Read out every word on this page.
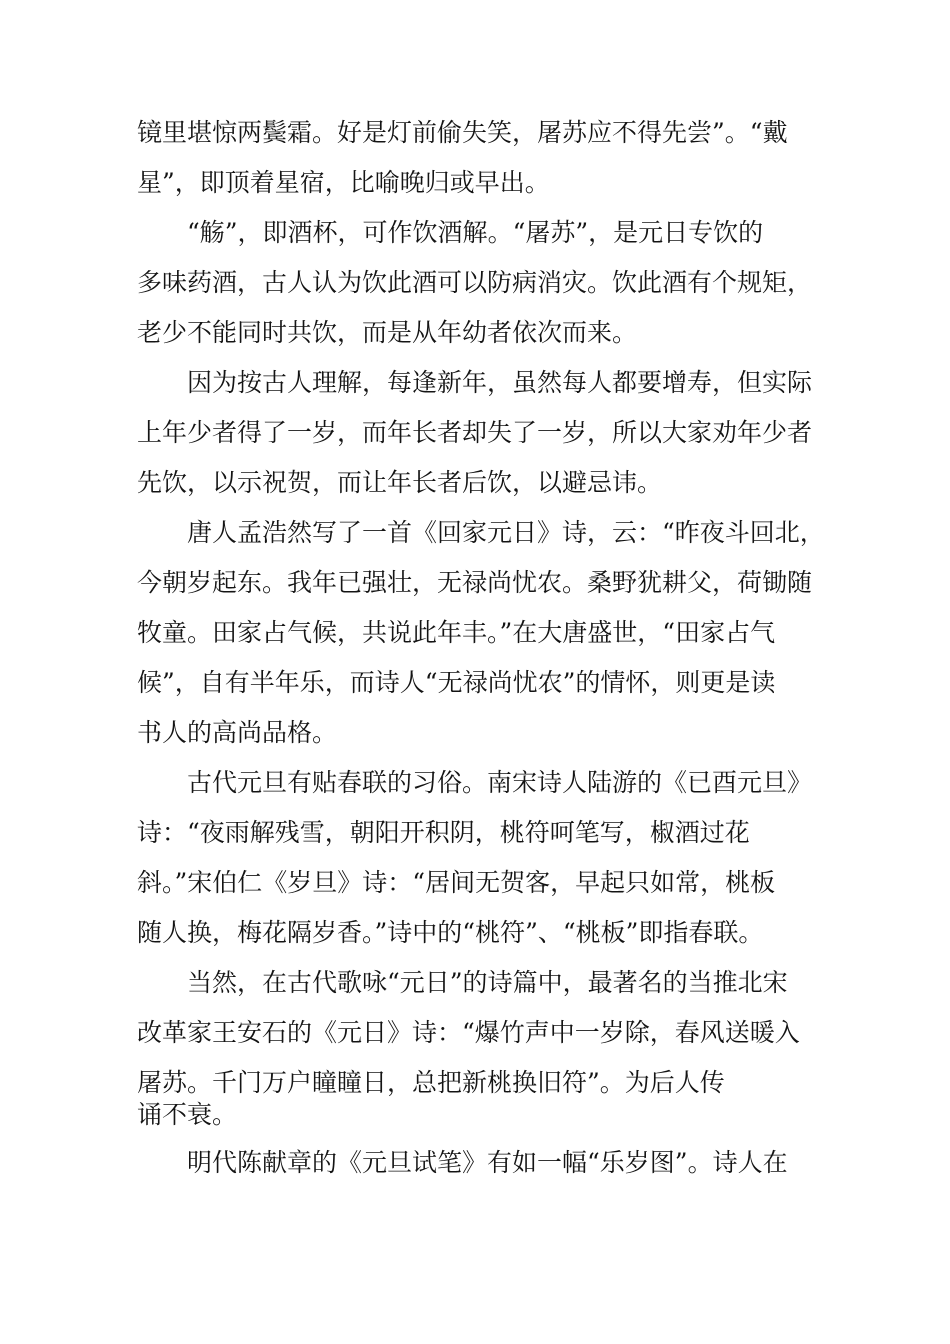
镜里堪惊两鬓霜。好是灯前偷失笑，屠苏应不得先尝”。“戴
星”，即顶着星宿，比喻晚归或早出。
“觞”，即酒杯，可作饮酒解。“屠苏”，是元日专饮的
多味药酒，古人认为饮此酒可以防病消灾。饮此酒有个规矩，
老少不能同时共饮，而是从年幼者依次而来。
因为按古人理解，每逢新年，虽然每人都要增寿，但实际
上年少者得了一岁，而年长者却失了一岁，所以大家劝年少者
先饮，以示祝贺，而让年长者后饮，以避忌讳。
唐人孟浩然写了一首《回家元日》诗，云：“昨夜斗回北，
今朝岁起东。我年已强壮，无禄尚忧农。桑野犹耕父，荷锄随
牧童。田家占气候，共说此年丰。”在大唐盛世，“田家占气
候”，自有半年乐，而诗人“无禄尚忧农”的情怀，则更是读
书人的高尚品格。
古代元旦有贴春联的习俗。南宋诗人陆游的《已酉元旦》
诗：“夜雨解残雪，朝阳开积阴，桃符呵笔写，椒酒过花
斜。”宋伯仁《岁旦》诗：“居间无贺客，早起只如常，桃板
随人换，梅花隔岁香。”诗中的“桃符”、“桃板”即指春联。
当然，在古代歌咏“元日”的诗篇中，最著名的当推北宋
改革家王安石的《元日》诗：“爆竹声中一岁除，春风送暖入
屠苏。千门万户瞳瞳日，总把新桃换旧符”。为后人传
诵不衰。
明代陈献章的《元旦试笔》有如一幅“乐岁图”。诗人在
